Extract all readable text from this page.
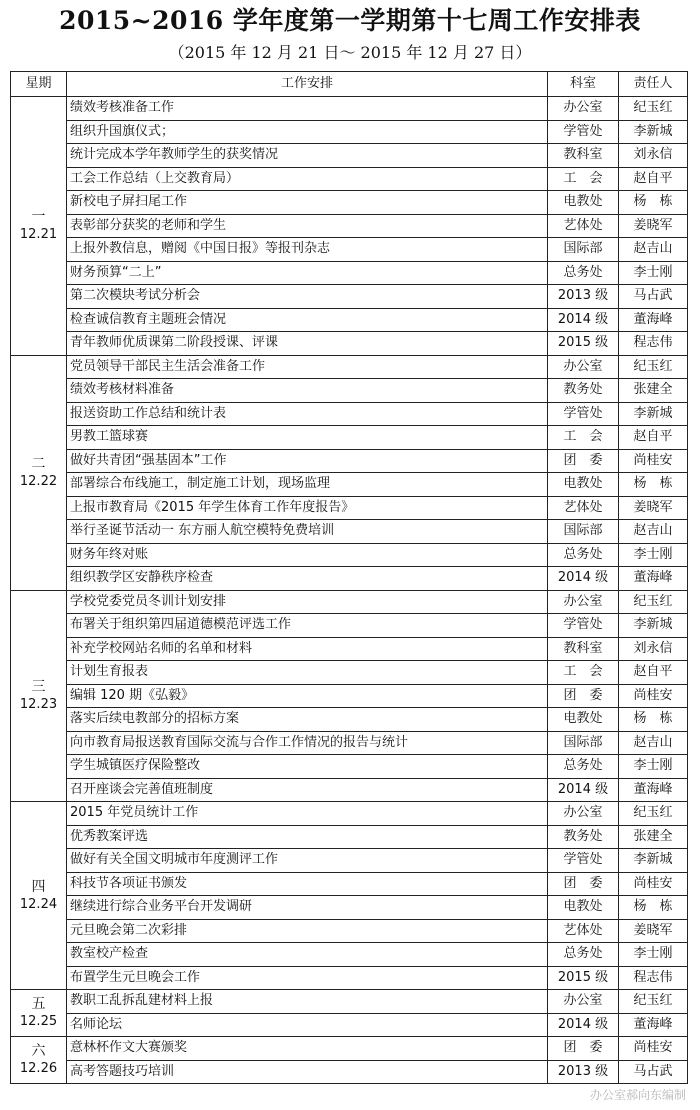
2015~2016 学年度第一学期第十七周工作安排表
（2015 年 12 月 21 日～ 2015 年 12 月 27 日）
星期	工作安排	科室	责任人

一
12.21	绩效考核准备工作	办公室	纪玉红
	组织升国旗仪式；	学管处	李新城
	统计完成本学年教师学生的获奖情况	教科室	刘永信
	工会工作总结（上交教育局）	工　会	赵自平
	新校电子屏扫尾工作	电教处	杨　栋
	表彰部分获奖的老师和学生	艺体处	姜晓军
	上报外教信息，赠阅《中国日报》等报刊杂志	国际部	赵吉山
	财务预算“二上”	总务处	李士刚
	第二次模块考试分析会	2013 级	马占武
	检查诚信教育主题班会情况	2014 级	董海峰
	青年教师优质课第二阶段授课、评课	2015 级	程志伟

二
12.22	党员领导干部民主生活会准备工作	办公室	纪玉红
	绩效考核材料准备	教务处	张建全
	报送资助工作总结和统计表	学管处	李新城
	男教工篮球赛	工　会	赵自平
	做好共青团“强基固本”工作	团　委	尚桂安
	部署综合布线施工，制定施工计划，现场监理	电教处	杨　栋
	上报市教育局《2015 年学生体育工作年度报告》	艺体处	姜晓军
	举行圣诞节活动一 东方丽人航空模特免费培训	国际部	赵吉山
	财务年终对账	总务处	李士刚
	组织教学区安静秩序检查	2014 级	董海峰

三
12.23	学校党委党员冬训计划安排	办公室	纪玉红
	布署关于组织第四届道德模范评选工作	学管处	李新城
	补充学校网站名师的名单和材料	教科室	刘永信
	计划生育报表	工　会	赵自平
	编辑 120 期《弘毅》	团　委	尚桂安
	落实后续电教部分的招标方案	电教处	杨　栋
	向市教育局报送教育国际交流与合作工作情况的报告与统计	国际部	赵吉山
	学生城镇医疗保险整改	总务处	李士刚
	召开座谈会完善值班制度	2014 级	董海峰

四
12.24	2015 年党员统计工作	办公室	纪玉红
	优秀教案评选	教务处	张建全
	做好有关全国文明城市年度测评工作	学管处	李新城
	科技节各项证书颁发	团　委	尚桂安
	继续进行综合业务平台开发调研	电教处	杨　栋
	元旦晚会第二次彩排	艺体处	姜晓军
	教室校产检查	总务处	李士刚
	布置学生元旦晚会工作	2015 级	程志伟

五
12.25	教职工乱拆乱建材料上报	办公室	纪玉红
	名师论坛	2014 级	董海峰

六
12.26	意林杯作文大赛颁奖	团　委	尚桂安
	高考答题技巧培训	2013 级	马占武
办公室郝向东编制
